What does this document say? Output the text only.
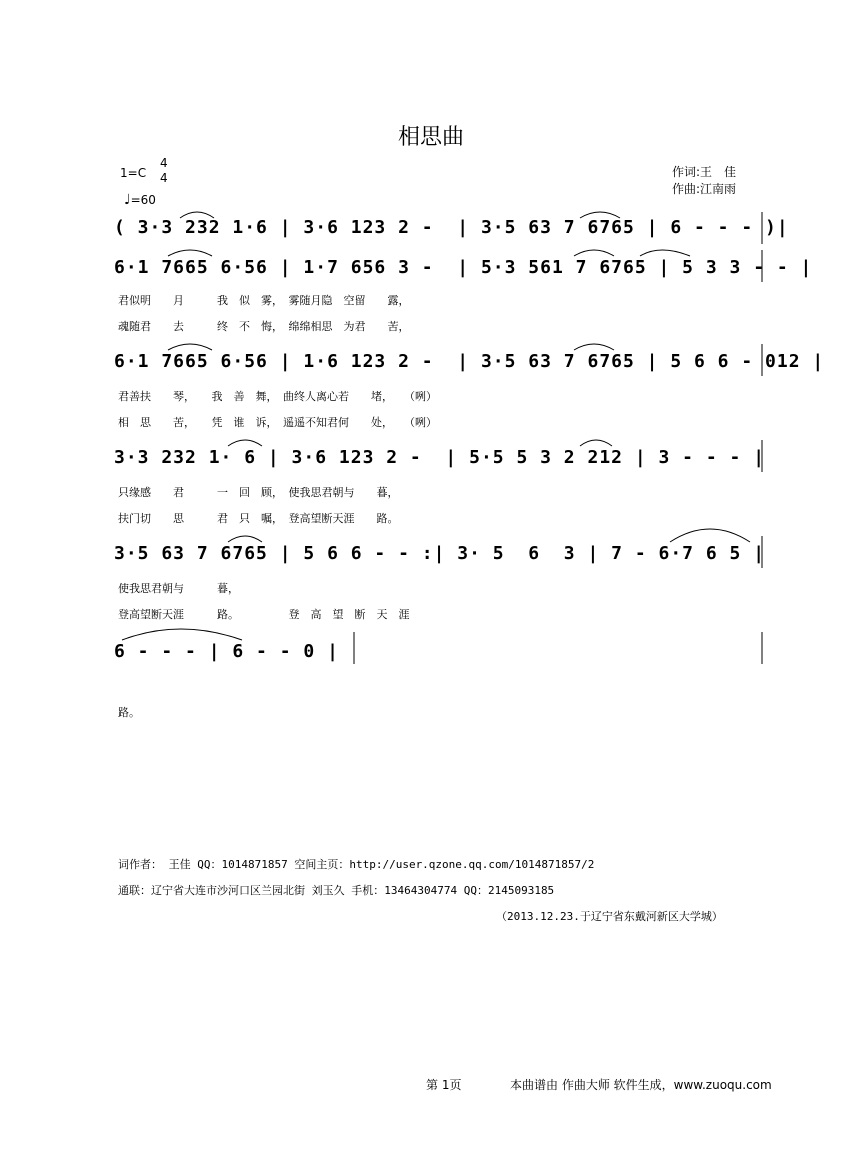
相思曲
1=C
4
4
♩=60
作词:王　佳
作曲:江南雨
( 3·3 232 1·6 | 3·6 123 2 -  | 3·5 63 7 6765 | 6 - - - )|
6·1 7665 6·56 | 1·7 656 3 -  | 5·3 561 7 6765 | 5 3 3 - - |
君似明　　月　　　我　似　雾，　雾随月隐　空留　　露，
魂随君　　去　　　终　不　悔，　绵绵相思　为君　　苦，
6·1 7665 6·56 | 1·6 123 2 -  | 3·5 63 7 6765 | 5 6 6 - 012 |
君善扶　　琴，　　我　善　舞，　曲终人离心若　　堵，　　（咧）
相　思　　苦，　　凭　谁　诉，　遥遥不知君何　　处，　　（咧）
3·3 232 1· 6 | 3·6 123 2 -  | 5·5 5 3 2 212 | 3 - - - |
只缘感　　君　　　一　回　顾，　使我思君朝与　　暮，
扶门切　　思　　　君　只　嘱，　登高望断天涯　　路。
3·5 63 7 6765 | 5 6 6 - - :| 3· 5  6  3 | 7 - 6·7 6 5 |
使我思君朝与　　　暮，
登高望断天涯　　　路。　　　　　登　高　望　断　天　涯
6 - - - | 6 - - 0 |
路。
词作者： 王佳 QQ：1014871857 空间主页：http://user.qzone.qq.com/1014871857/2
通联：辽宁省大连市沙河口区兰园北街 刘玉久 手机：13464304774 QQ：2145093185
（2013.12.23.于辽宁省东戴河新区大学城）
第 1页	本曲谱由 作曲大师 软件生成，www.zuoqu.com
